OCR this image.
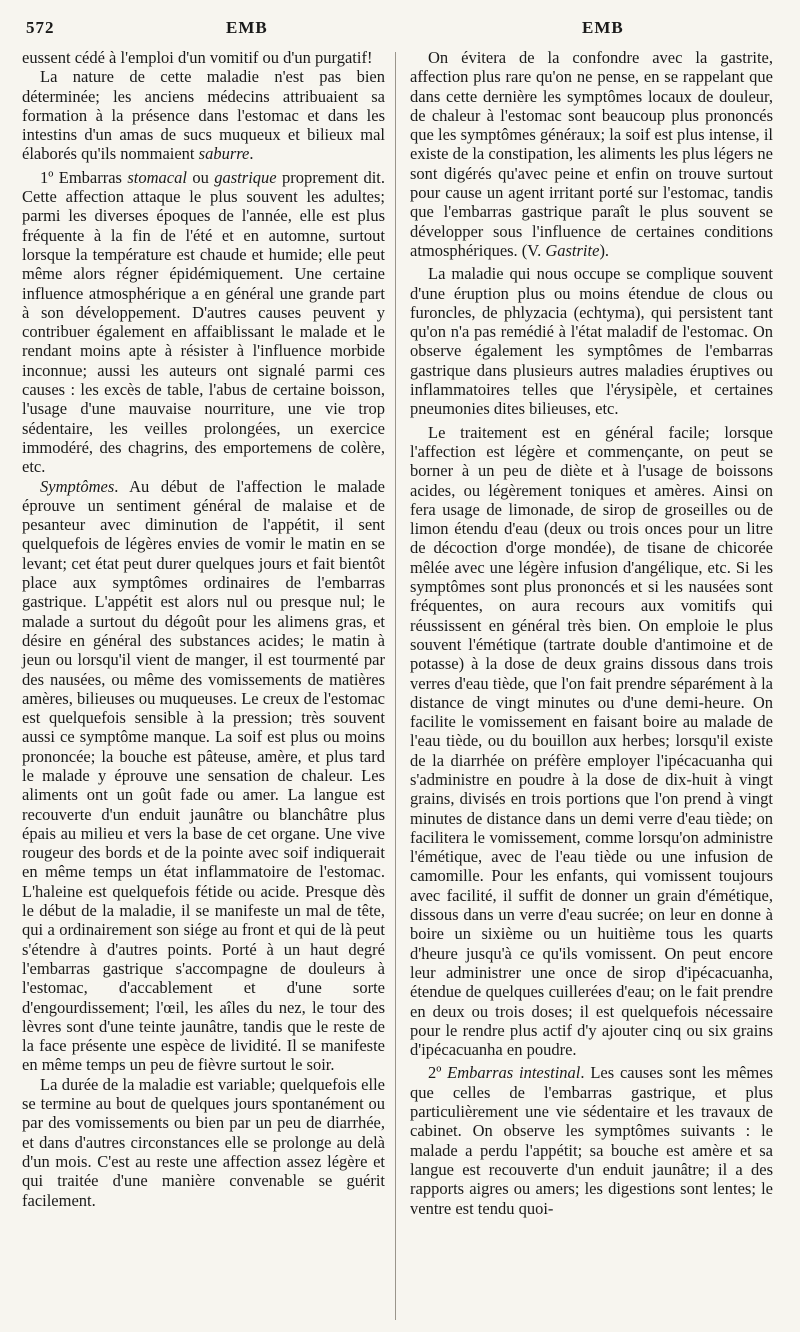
572	EMB	EMB

eussent cédé à l'emploi d'un vomitif ou d'un purgatif!

La nature de cette maladie n'est pas bien déterminée; les anciens médecins attribuaient sa formation à la présence dans l'estomac et dans les intestins d'un amas de sucs muqueux et bilieux mal élaborés qu'ils nommaient saburre.

1º Embarras stomacal ou gastrique proprement dit. Cette affection attaque le plus souvent les adultes; parmi les diverses époques de l'année, elle est plus fréquente à la fin de l'été et en automne, surtout lorsque la température est chaude et humide; elle peut même alors régner épidémiquement. Une certaine influence atmosphérique a en général une grande part à son développement. D'autres causes peuvent y contribuer également en affaiblissant le malade et le rendant moins apte à résister à l'influence morbide inconnue; aussi les auteurs ont signalé parmi ces causes : les excès de table, l'abus de certaine boisson, l'usage d'une mauvaise nourriture, une vie trop sédentaire, les veilles prolongées, un exercice immodéré, des chagrins, des emportemens de colère, etc.

Symptômes. Au début de l'affection le malade éprouve un sentiment général de malaise et de pesanteur avec diminution de l'appétit, il sent quelquefois de légères envies de vomir le matin en se levant; cet état peut durer quelques jours et fait bientôt place aux symptômes ordinaires de l'embarras gastrique. L'appétit est alors nul ou presque nul; le malade a surtout du dégoût pour les alimens gras, et désire en général des substances acides; le matin à jeun ou lorsqu'il vient de manger, il est tourmenté par des nausées, ou même des vomissements de matières amères, bilieuses ou muqueuses. Le creux de l'estomac est quelquefois sensible à la pression; très souvent aussi ce symptôme manque. La soif est plus ou moins prononcée; la bouche est pâteuse, amère, et plus tard le malade y éprouve une sensation de chaleur. Les aliments ont un goût fade ou amer. La langue est recouverte d'un enduit jaunâtre ou blanchâtre plus épais au milieu et vers la base de cet organe. Une vive rougeur des bords et de la pointe avec soif indiquerait en même temps un état inflammatoire de l'estomac. L'haleine est quelquefois fétide ou acide. Presque dès le début de la maladie, il se manifeste un mal de tête, qui a ordinairement son siége au front et qui de là peut s'étendre à d'autres points. Porté à un haut degré l'embarras gastrique s'accompagne de douleurs à l'estomac, d'accablement et d'une sorte d'engourdissement; l'œil, les aîles du nez, le tour des lèvres sont d'une teinte jaunâtre, tandis que le reste de la face présente une espèce de lividité. Il se manifeste en même temps un peu de fièvre surtout le soir.

La durée de la maladie est variable; quelquefois elle se termine au bout de quelques jours spontanément ou par des vomissements ou bien par un peu de diarrhée, et dans d'autres circonstances elle se prolonge au delà d'un mois. C'est au reste une affection assez légère et qui traitée d'une manière convenable se guérit facilement.

On évitera de la confondre avec la gastrite, affection plus rare qu'on ne pense, en se rappelant que dans cette dernière les symptômes locaux de douleur, de chaleur à l'estomac sont beaucoup plus prononcés que les symptômes généraux; la soif est plus intense, il existe de la constipation, les aliments les plus légers ne sont digérés qu'avec peine et enfin on trouve surtout pour cause un agent irritant porté sur l'estomac, tandis que l'embarras gastrique paraît le plus souvent se développer sous l'influence de certaines conditions atmosphériques. (V. Gastrite).

La maladie qui nous occupe se complique souvent d'une éruption plus ou moins étendue de clous ou furoncles, de phlyzacia (echtyma), qui persistent tant qu'on n'a pas remédié à l'état maladif de l'estomac. On observe également les symptômes de l'embarras gastrique dans plusieurs autres maladies éruptives ou inflammatoires telles que l'érysipèle, et certaines pneumonies dites bilieuses, etc.

Le traitement est en général facile; lorsque l'affection est légère et commençante, on peut se borner à un peu de diète et à l'usage de boissons acides, ou légèrement toniques et amères. Ainsi on fera usage de limonade, de sirop de groseilles ou de limon étendu d'eau (deux ou trois onces pour un litre de décoction d'orge mondée), de tisane de chicorée mêlée avec une légère infusion d'angélique, etc. Si les symptômes sont plus prononcés et si les nausées sont fréquentes, on aura recours aux vomitifs qui réussissent en général très bien. On emploie le plus souvent l'émétique (tartrate double d'antimoine et de potasse) à la dose de deux grains dissous dans trois verres d'eau tiède, que l'on fait prendre séparément à la distance de vingt minutes ou d'une demi-heure. On facilite le vomissement en faisant boire au malade de l'eau tiède, ou du bouillon aux herbes; lorsqu'il existe de la diarrhée on préfère employer l'ipécacuanha qui s'administre en poudre à la dose de dix-huit à vingt grains, divisés en trois portions que l'on prend à vingt minutes de distance dans un demi verre d'eau tiède; on facilitera le vomissement, comme lorsqu'on administre l'émétique, avec de l'eau tiède ou une infusion de camomille. Pour les enfants, qui vomissent toujours avec facilité, il suffit de donner un grain d'émétique, dissous dans un verre d'eau sucrée; on leur en donne à boire un sixième ou un huitième tous les quarts d'heure jusqu'à ce qu'ils vomissent. On peut encore leur administrer une once de sirop d'ipécacuanha, étendue de quelques cuillerées d'eau; on le fait prendre en deux ou trois doses; il est quelquefois nécessaire pour le rendre plus actif d'y ajouter cinq ou six grains d'ipécacuanha en poudre.

2º Embarras intestinal. Les causes sont les mêmes que celles de l'embarras gastrique, et plus particulièrement une vie sédentaire et les travaux de cabinet. On observe les symptômes suivants : le malade a perdu l'appétit; sa bouche est amère et sa langue est recouverte d'un enduit jaunâtre; il a des rapports aigres ou amers; les digestions sont lentes; le ventre est tendu quoi-
